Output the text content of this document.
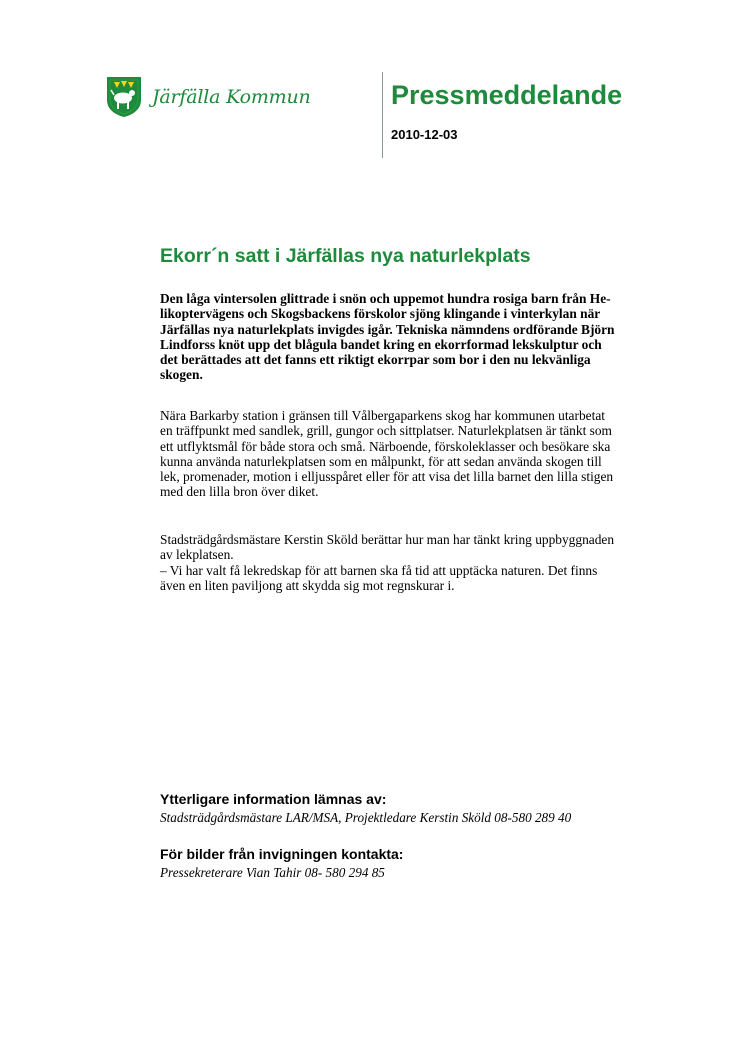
Järfälla Kommun	Pressmeddelande
2010-12-03
Ekorr´n satt i Järfällas nya naturlekplats
Den låga vintersolen glittrade i snön och uppemot hundra rosiga barn från He-
likoptervägens och Skogsbackens förskolor sjöng klingande i vinterkylan när
Järfällas nya naturlekplats invigdes igår. Tekniska nämndens ordförande Björn
Lindforss knöt upp det blågula bandet kring en ekorrformad lekskulptur och
det berättades att det fanns ett riktigt ekorrpar som bor i den nu lekvänliga
skogen.
Nära Barkarby station i gränsen till Vålbergaparkens skog har kommunen utarbetat
en träffpunkt med sandlek, grill, gungor och sittplatser. Naturlekplatsen är tänkt som
ett utflyktsmål för både stora och små. Närboende, förskoleklasser och besökare ska
kunna använda naturlekplatsen som en målpunkt, för att sedan använda skogen till
lek, promenader, motion i elljusspåret eller för att visa det lilla barnet den lilla stigen
med den lilla bron över diket.
Stadsträdgårdsmästare Kerstin Sköld berättar hur man har tänkt kring uppbyggnaden
av lekplatsen.
– Vi har valt få lekredskap för att barnen ska få tid att upptäcka naturen. Det finns
även en liten paviljong att skydda sig mot regnskurar i.
Ytterligare information lämnas av:
Stadsträdgårdsmästare LAR/MSA, Projektledare Kerstin Sköld 08-580 289 40
För bilder från invigningen kontakta:
Pressekreterare Vian Tahir 08- 580 294 85
